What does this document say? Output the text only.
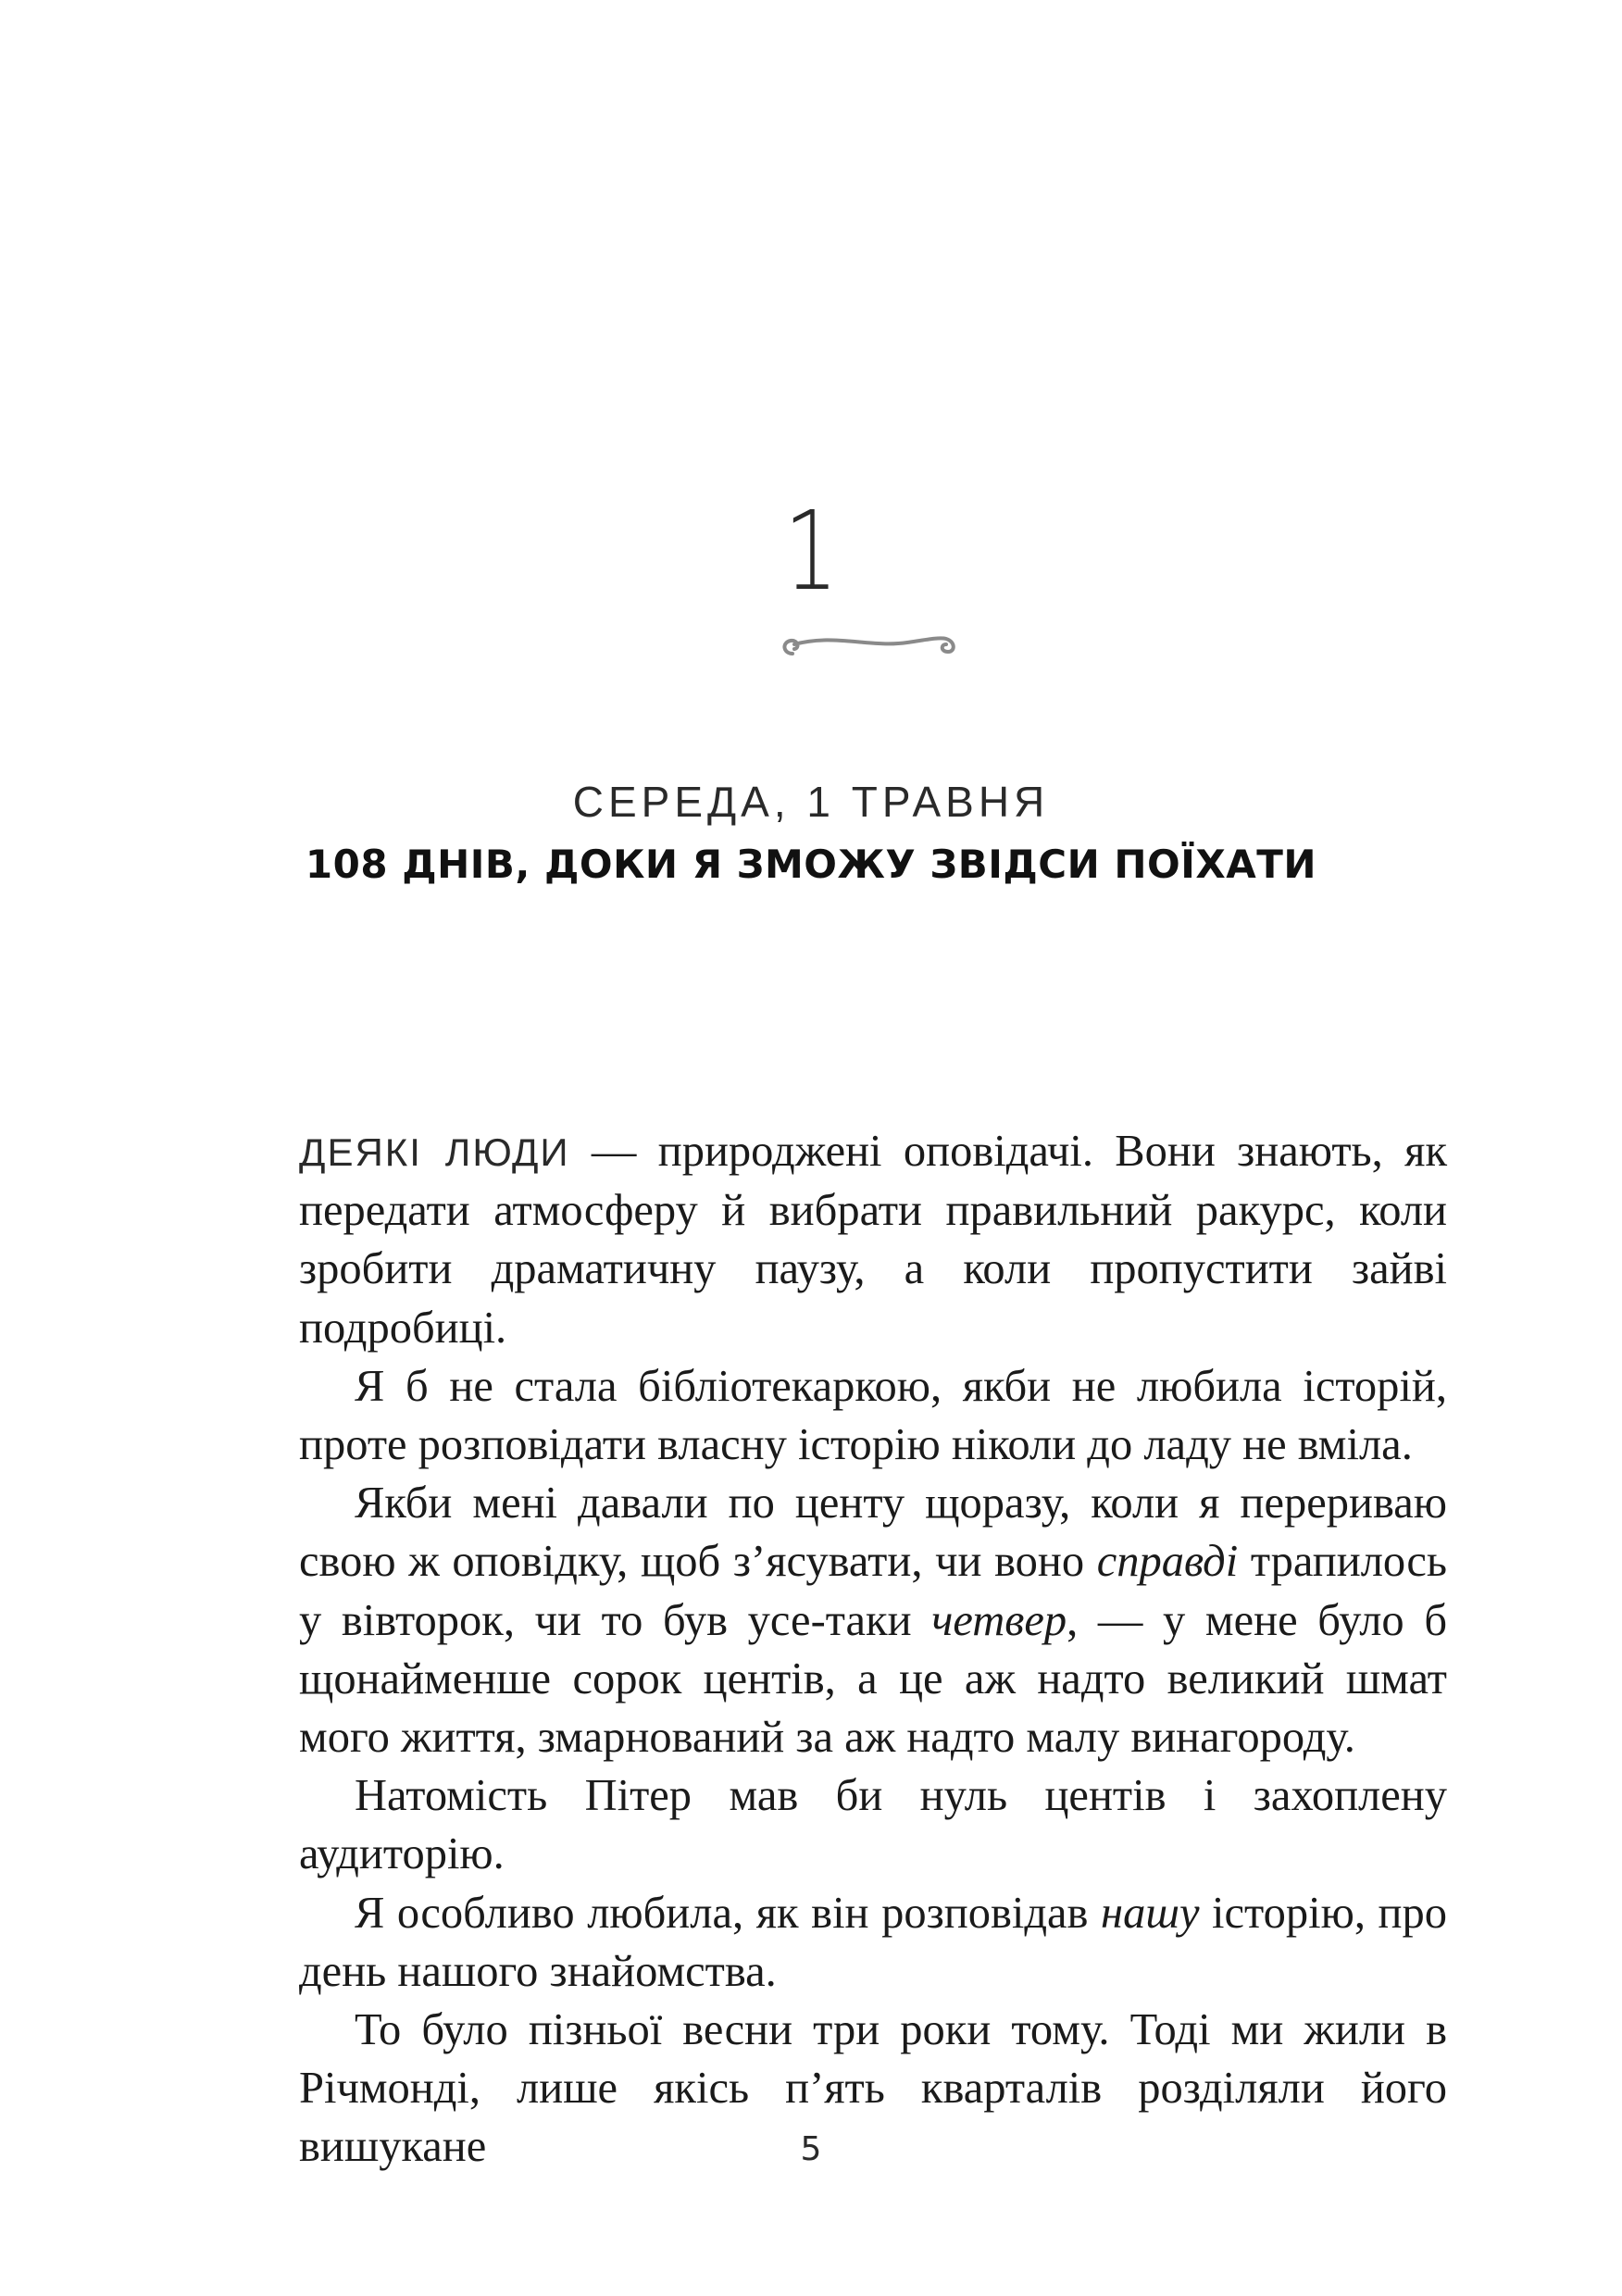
1
СЕРЕДА, 1 ТРАВНЯ
108 ДНІВ, ДОКИ Я ЗМОЖУ ЗВІДСИ ПОЇХАТИ

ДЕЯКІ ЛЮДИ — природжені оповідачі. Вони знають, як передати атмосферу й вибрати правильний ракурс, коли зробити драматичну паузу, а коли пропустити зайві подробиці.

Я б не стала бібліотекаркою, якби не любила історій, проте розповідати власну історію ніколи до ладу не вміла.

Якби мені давали по центу щоразу, коли я перериваю свою ж оповідку, щоб з’ясувати, чи воно справді трапилось у вівторок, чи то був усе-таки четвер, — у мене було б щонайменше сорок центів, а це аж надто великий шмат мого життя, змарнований за аж надто малу винагороду.

Натомість Пітер мав би нуль центів і захоплену аудиторію.

Я особливо любила, як він розповідав нашу історію, про день нашого знайомства.

То було пізньої весни три роки тому. Тоді ми жили в Річмонді, лише якісь п’ять кварталів розділяли його вишукане	5
